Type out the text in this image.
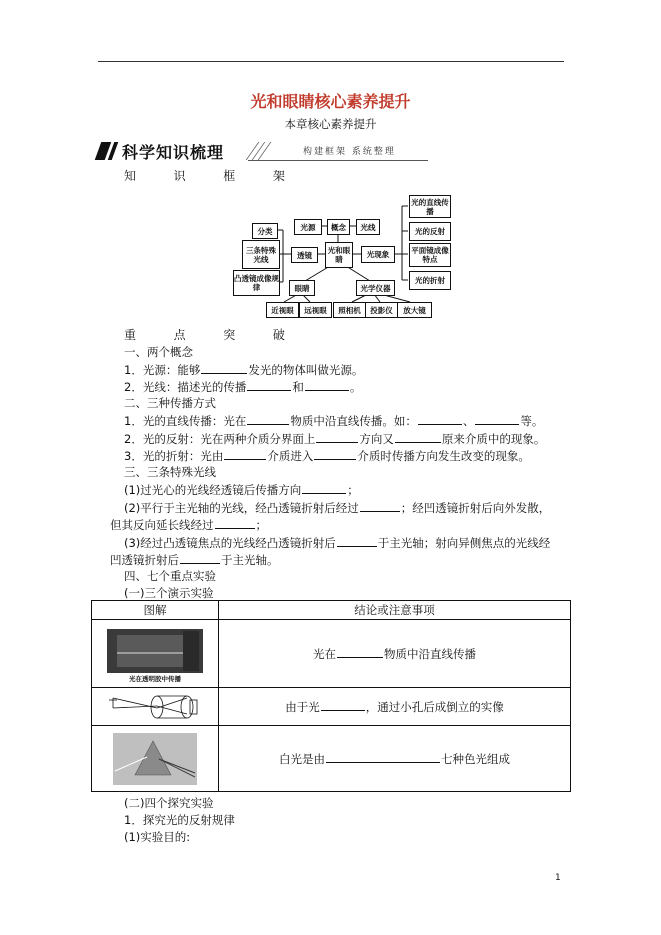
光和眼睛核心素养提升
本章核心素养提升
科学知识梳理	构建框架 系统整理
知  识  框  架
光的直线传播
光的反射
平面镜成像特点
光的折射
光源	概念	光线
光和眼睛
光现象
透镜
分类
三条特殊光线
凸透镜成像规律	眼睛	光学仪器
近视眼	远视眼	照相机	投影仪	放大镜
重  点  突  破
一、两个概念
1．光源：能够	发光的物体叫做光源。
2．光线：描述光的传播	和	。
二、三种传播方式
1．光的直线传播：光在	物质中沿直线传播。如：	、	等。
2．光的反射：光在两种介质分界面上	方向又	原来介质中的现象。
3．光的折射：光由	介质进入	介质时传播方向发生改变的现象。
三、三条特殊光线
(1)过光心的光线经透镜后传播方向	；
(2)平行于主光轴的光线，经凸透镜折射后经过	；经凹透镜折射后向外发散，
但其反向延长线经过	；
(3)经过凸透镜焦点的光线经凸透镜折射后	于主光轴；射向异侧焦点的光线经
凹透镜折射后	于主光轴。
四、七个重点实验
(一)三个演示实验
图解	结论或注意事项

光在透明胶中传播	光在 物质中沿直线传播

	由于光 ，通过小孔后成倒立的实像

	白光是由 七种色光组成
(二)四个探究实验
1．探究光的反射规律
(1)实验目的:
1
